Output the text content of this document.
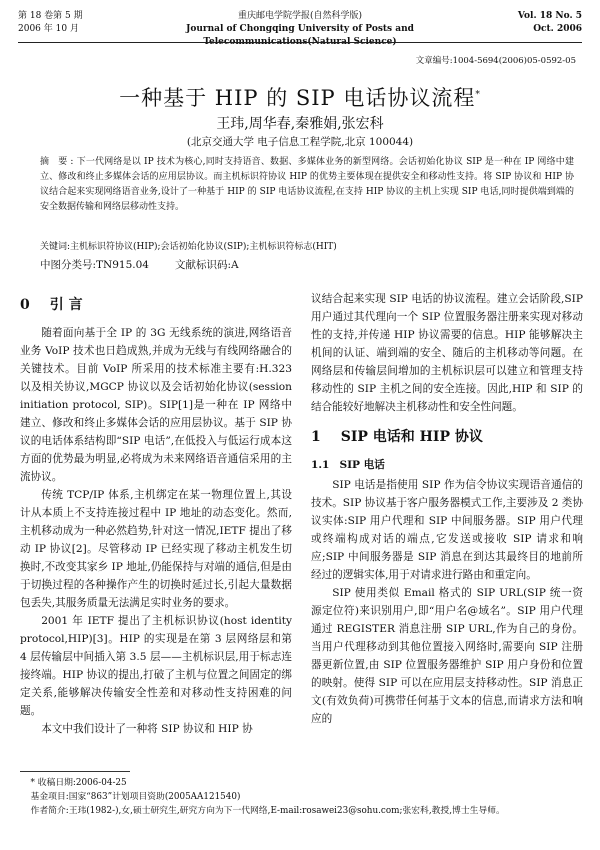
第 18 卷第 5 期
2006 年 10 月
重庆邮电学院学报(自然科学版)
Journal of Chongqing University of Posts and Telecommunications(Natural Science)
Vol. 18 No. 5
Oct. 2006
文章编号:1004-5694(2006)05-0592-05
一种基于 HIP 的 SIP 电话协议流程*
王玮,周华春,秦雅娟,张宏科
(北京交通大学 电子信息工程学院,北京 100044)
摘 要:下一代网络是以 IP 技术为核心,同时支持语音、数据、多媒体业务的新型网络。会话初始化协议 SIP 是一种在 IP 网络中建立、修改和终止多媒体会话的应用层协议。而主机标识符协议 HIP 的优势主要体现在提供安全和移动性支持。将 SIP 协议和 HIP 协议结合起来实现网络语音业务,设计了一种基于 HIP 的 SIP 电话协议流程,在支持 HIP 协议的主机上实现 SIP 电话,同时提供端到端的安全数据传输和网络层移动性支持。
关键词:主机标识符协议(HIP);会话初始化协议(SIP);主机标识符标志(HIT)
中图分类号:TN915.04 文献标识码:A
0 引 言

随着面向基于全 IP 的 3G 无线系统的演进,网络语音业务 VoIP 技术也日趋成熟,并成为无线与有线网络融合的关键技术。目前 VoIP 所采用的技术标准主要有:H.323 以及相关协议,MGCP 协议以及会话初始化协议(session initiation protocol, SIP)。SIP[1]是一种在 IP 网络中建立、修改和终止多媒体会话的应用层协议。基于 SIP 协议的电话体系结构即“SIP 电话”,在低投入与低运行成本这方面的优势最为明显,必将成为未来网络语音通信采用的主流协议。

传统 TCP/IP 体系,主机绑定在某一物理位置上,其设计从本质上不支持连接过程中 IP 地址的动态变化。然而,主机移动成为一种必然趋势,针对这一情况,IETF 提出了移动 IP 协议[2]。尽管移动 IP 已经实现了移动主机发生切换时,不改变其家乡 IP 地址,仍能保持与对端的通信,但是由于切换过程的各种操作产生的切换时延过长,引起大量数据包丢失,其服务质量无法满足实时业务的要求。

2001 年 IETF 提出了主机标识协议(host identity protocol,HIP)[3]。HIP 的实现是在第 3 层网络层和第 4 层传输层中间插入第 3.5 层——主机标识层,用于标志连接终端。HIP 协议的提出,打破了主机与位置之间固定的绑定关系,能够解决传输安全性差和对移动性支持困难的问题。

本文中我们设计了一种将 SIP 协议和 HIP 协

议结合起来实现 SIP 电话的协议流程。建立会话阶段,SIP 用户通过其代理向一个 SIP 位置服务器注册来实现对移动性的支持,并传递 HIP 协议需要的信息。HIP 能够解决主机间的认证、端到端的安全、随后的主机移动等问题。在网络层和传输层间增加的主机标识层可以建立和管理支持移动性的 SIP 主机之间的安全连接。因此,HIP 和 SIP 的结合能较好地解决主机移动性和安全性问题。

1 SIP 电话和 HIP 协议
1.1 SIP 电话

SIP 电话是指使用 SIP 作为信令协议实现语音通信的技术。SIP 协议基于客户服务器模式工作,主要涉及 2 类协议实体:SIP 用户代理和 SIP 中间服务器。SIP 用户代理或终端构成对话的端点,它发送或接收 SIP 请求和响应;SIP 中间服务器是 SIP 消息在到达其最终目的地前所经过的逻辑实体,用于对请求进行路由和重定向。

SIP 使用类似 Email 格式的 SIP URL(SIP 统一资源定位符)来识别用户,即“用户名@域名”。SIP 用户代理通过 REGISTER 消息注册 SIP URL,作为自己的身份。当用户代理移动到其他位置接入网络时,需要向 SIP 注册器更新位置,由 SIP 位置服务器维护 SIP 用户身份和位置的映射。使得 SIP 可以在应用层支持移动性。SIP 消息正文(有效负荷)可携带任何基于文本的信息,而请求方法和响应的

* 收稿日期:2006-04-25
基金项目:国家“863”计划项目资助(2005AA121540)
作者简介:王玮(1982-),女,硕士研究生,研究方向为下一代网络,E-mail:rosawei23@sohu.com;张宏科,教授,博士生导师。
